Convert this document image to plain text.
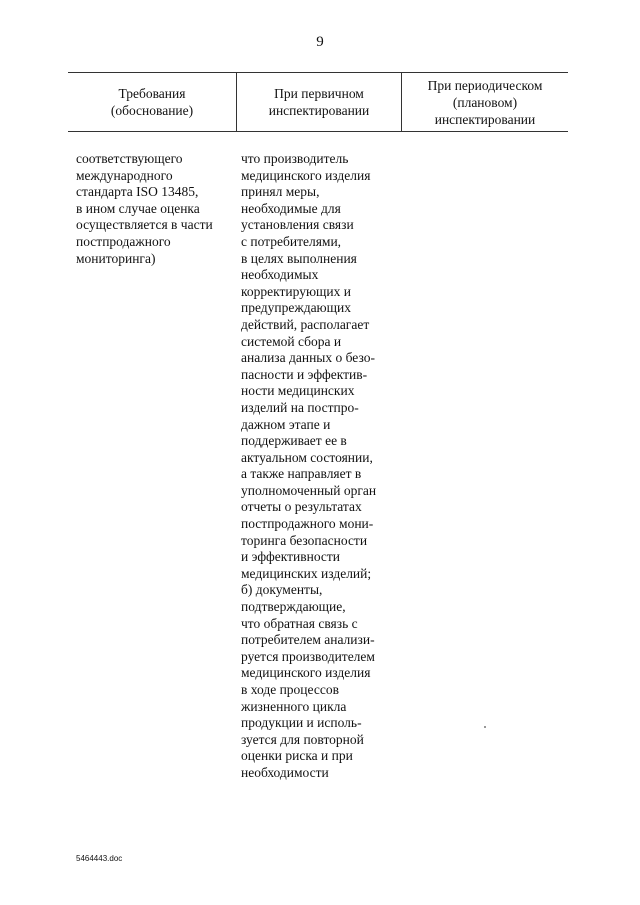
9
Требования
(обоснование)
При первичном
инспектировании
При периодическом
(плановом)
инспектировании
соответствующего
международного
стандарта ISO 13485,
в ином случае оценка
осуществляется в части
постпродажного
мониторинга)
что производитель
медицинского изделия
принял меры,
необходимые для
установления связи
с потребителями,
в целях выполнения
необходимых
корректирующих и
предупреждающих
действий, располагает
системой сбора и
анализа данных о безо-
пасности и эффектив-
ности медицинских
изделий на постпро-
дажном этапе и
поддерживает ее в
актуальном состоянии,
а также направляет в
уполномоченный орган
отчеты о результатах
постпродажного мони-
торинга безопасности
и эффективности
медицинских изделий;
б) документы,
подтверждающие,
что обратная связь с
потребителем анализи-
руется производителем
медицинского изделия
в ходе процессов
жизненного цикла
продукции и исполь-
зуется для повторной
оценки риска и при
необходимости
5464443.doc
